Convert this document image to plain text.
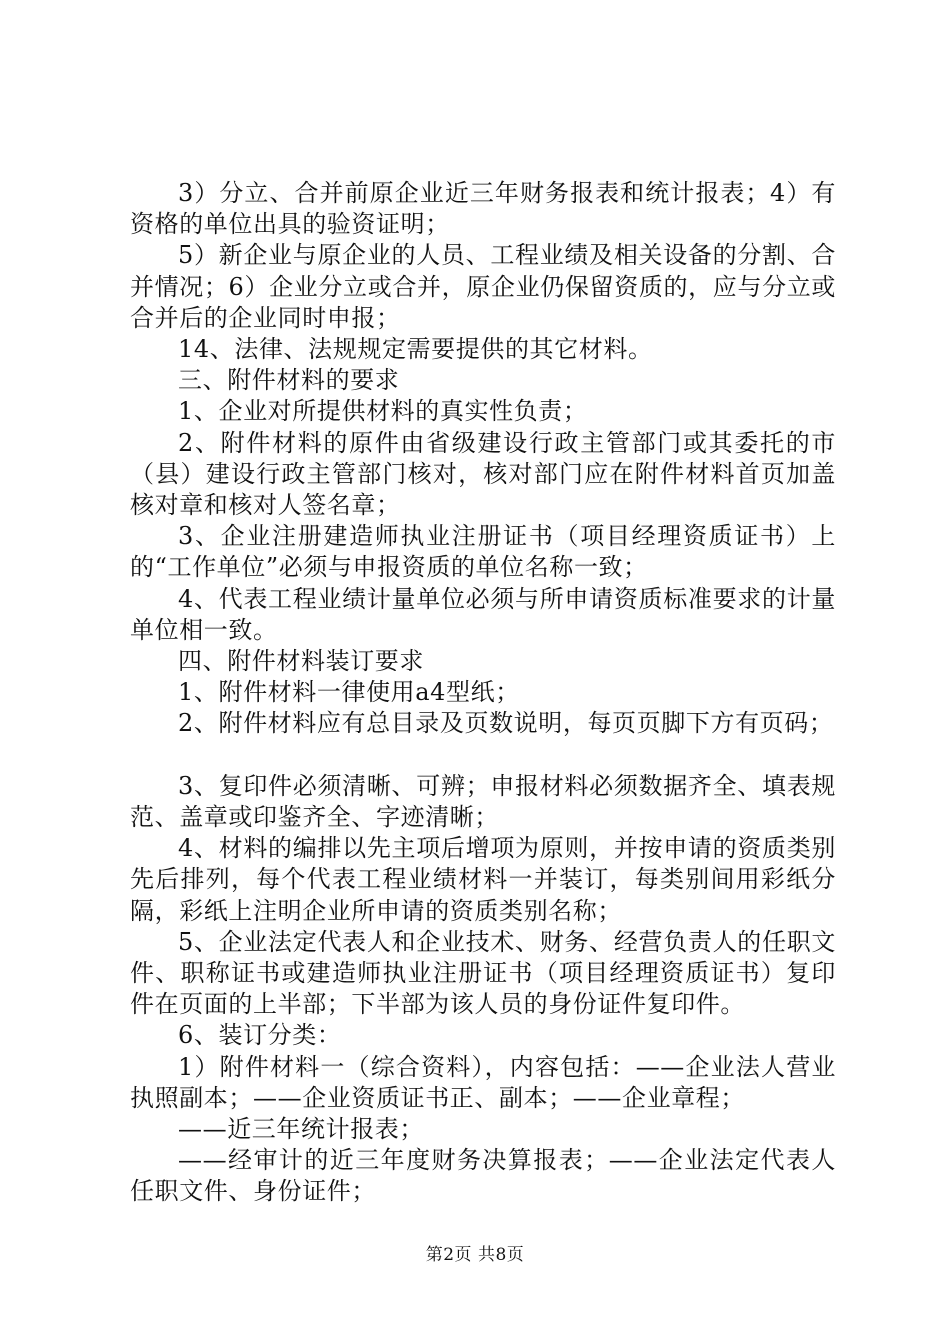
3）分立、合并前原企业近三年财务报表和统计报表；4）有资格的单位出具的验资证明；

5）新企业与原企业的人员、工程业绩及相关设备的分割、合并情况；6）企业分立或合并，原企业仍保留资质的，应与分立或合并后的企业同时申报；

14、法律、法规规定需要提供的其它材料。

三、附件材料的要求

1、企业对所提供材料的真实性负责；

2、附件材料的原件由省级建设行政主管部门或其委托的市（县）建设行政主管部门核对，核对部门应在附件材料首页加盖核对章和核对人签名章；

3、企业注册建造师执业注册证书（项目经理资质证书）上的“工作单位”必须与申报资质的单位名称一致；

4、代表工程业绩计量单位必须与所申请资质标准要求的计量单位相一致。

四、附件材料装订要求

1、附件材料一律使用a4型纸；

2、附件材料应有总目录及页数说明，每页页脚下方有页码；

3、复印件必须清晰、可辨；申报材料必须数据齐全、填表规范、盖章或印鉴齐全、字迹清晰；

4、材料的编排以先主项后增项为原则，并按申请的资质类别先后排列，每个代表工程业绩材料一并装订，每类别间用彩纸分隔，彩纸上注明企业所申请的资质类别名称；

5、企业法定代表人和企业技术、财务、经营负责人的任职文件、职称证书或建造师执业注册证书（项目经理资质证书）复印件在页面的上半部；下半部为该人员的身份证件复印件。

6、装订分类：

1）附件材料一（综合资料），内容包括：——企业法人营业执照副本；——企业资质证书正、副本；——企业章程；

——近三年统计报表；

——经审计的近三年度财务决算报表；——企业法定代表人任职文件、身份证件；

第2页 共8页
